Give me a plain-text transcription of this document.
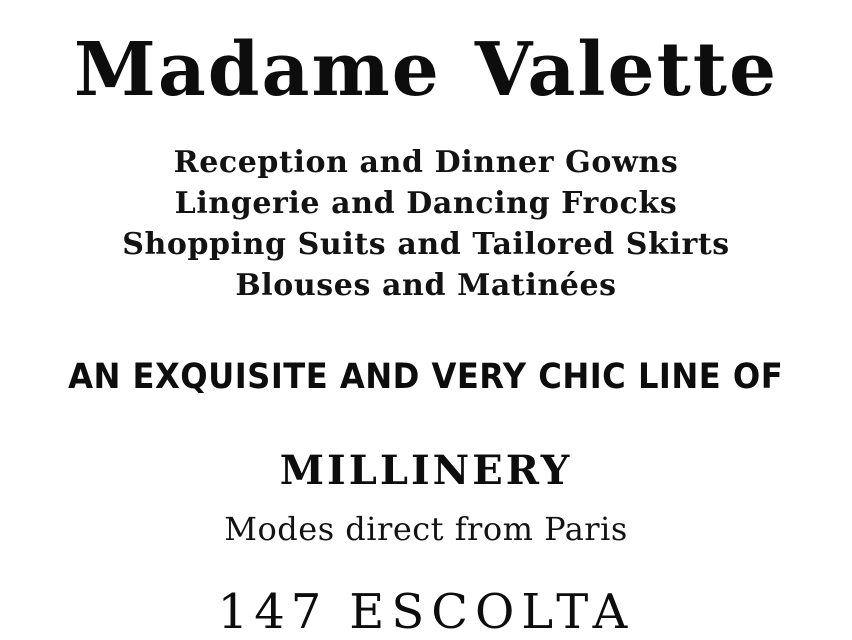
Madame Valette
Reception and Dinner Gowns
Lingerie and Dancing Frocks
Shopping Suits and Tailored Skirts
Blouses and Matinées
AN EXQUISITE AND VERY CHIC LINE OF
MILLINERY
Modes direct from Paris
147 ESCOLTA
